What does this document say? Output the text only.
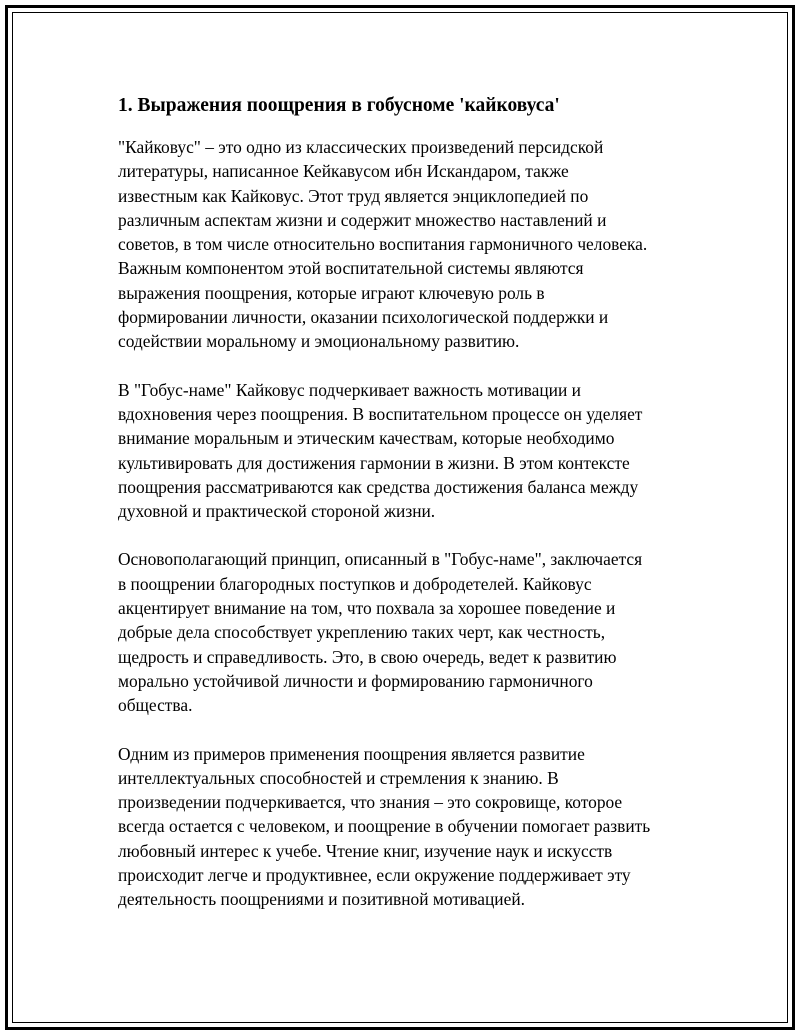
1. Выражения поощрения в гобусноме 'кайковуса'

"Кайковус" – это одно из классических произведений персидской
литературы, написанное Кейкавусом ибн Искандаром, также
известным как Кайковус. Этот труд является энциклопедией по
различным аспектам жизни и содержит множество наставлений и
советов, в том числе относительно воспитания гармоничного человека.
Важным компонентом этой воспитательной системы являются
выражения поощрения, которые играют ключевую роль в
формировании личности, оказании психологической поддержки и
содействии моральному и эмоциональному развитию.

В "Гобус-наме" Кайковус подчеркивает важность мотивации и
вдохновения через поощрения. В воспитательном процессе он уделяет
внимание моральным и этическим качествам, которые необходимо
культивировать для достижения гармонии в жизни. В этом контексте
поощрения рассматриваются как средства достижения баланса между
духовной и практической стороной жизни.

Основополагающий принцип, описанный в "Гобус-наме", заключается
в поощрении благородных поступков и добродетелей. Кайковус
акцентирует внимание на том, что похвала за хорошее поведение и
добрые дела способствует укреплению таких черт, как честность,
щедрость и справедливость. Это, в свою очередь, ведет к развитию
морально устойчивой личности и формированию гармоничного
общества.

Одним из примеров применения поощрения является развитие
интеллектуальных способностей и стремления к знанию. В
произведении подчеркивается, что знания – это сокровище, которое
всегда остается с человеком, и поощрение в обучении помогает развить
любовный интерес к учебе. Чтение книг, изучение наук и искусств
происходит легче и продуктивнее, если окружение поддерживает эту
деятельность поощрениями и позитивной мотивацией.
